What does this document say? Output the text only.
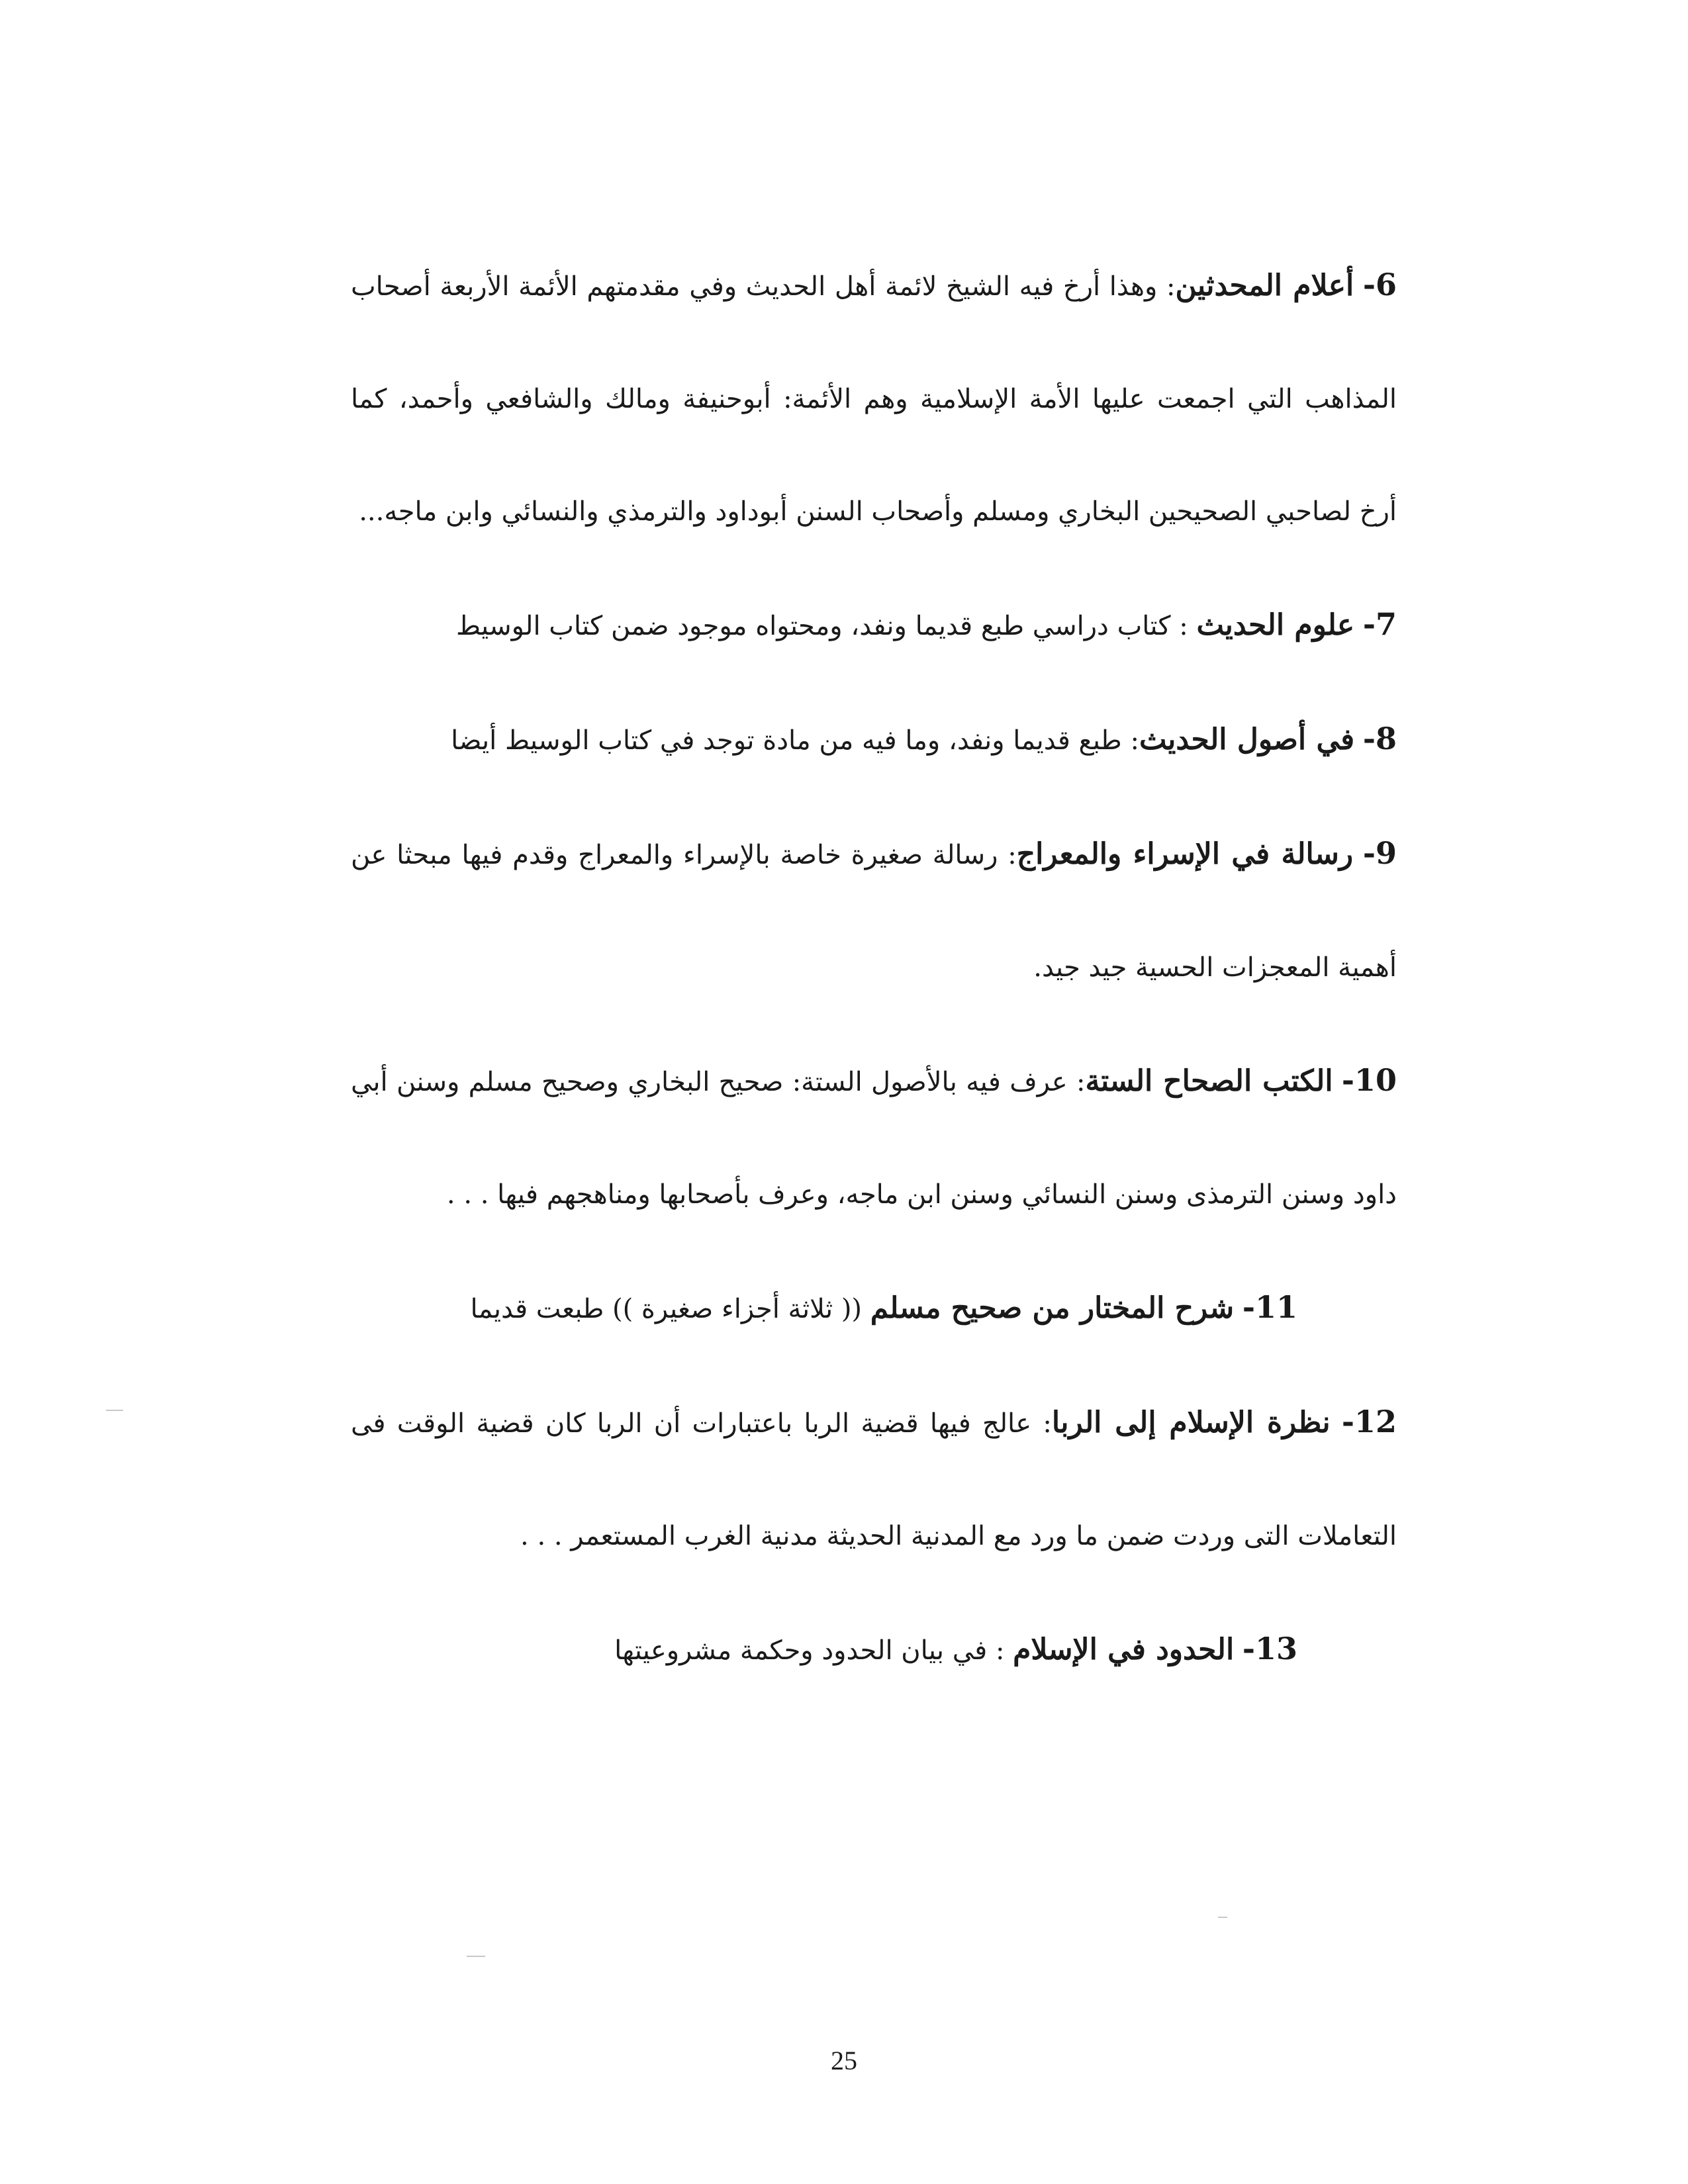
-6 أعلام المحدثين: وهذا أرخ فيه الشيخ لائمة أهل الحديث وفي مقدمتهم الأئمة الأربعة أصحاب المذاهب التي اجمعت عليها الأمة الإسلامية وهم الأئمة: أبوحنيفة ومالك والشافعي وأحمد، كما أرخ لصاحبي الصحيحين البخاري ومسلم وأصحاب السنن أبوداود والترمذي والنسائي وابن ماجه...

-7 علوم الحديث : كتاب دراسي طبع قديما ونفد، ومحتواه موجود ضمن كتاب الوسيط

-8 في أصول الحديث: طبع قديما ونفد، وما فيه من مادة توجد في كتاب الوسيط أيضا

-9 رسالة في الإسراء والمعراج: رسالة صغيرة خاصة بالإسراء والمعراج وقدم فيها مبحثا عن أهمية المعجزات الحسية جيد جيد.

-10 الكتب الصحاح الستة: عرف فيه بالأصول الستة: صحيح البخاري وصحيح مسلم وسنن أبي داود وسنن الترمذى وسنن النسائي وسنن ابن ماجه، وعرف بأصحابها ومناهجهم فيها . . .

-11 شرح المختار من صحيح مسلم (( ثلاثة أجزاء صغيرة )) طبعت قديما

-12 نظرة الإسلام إلى الربا: عالج فيها قضية الربا باعتبارات أن الربا كان قضية الوقت فى التعاملات التى وردت ضمن ما ورد مع المدنية الحديثة مدنية الغرب المستعمر . . .

-13 الحدود في الإسلام : في بيان الحدود وحكمة مشروعيتها

25
